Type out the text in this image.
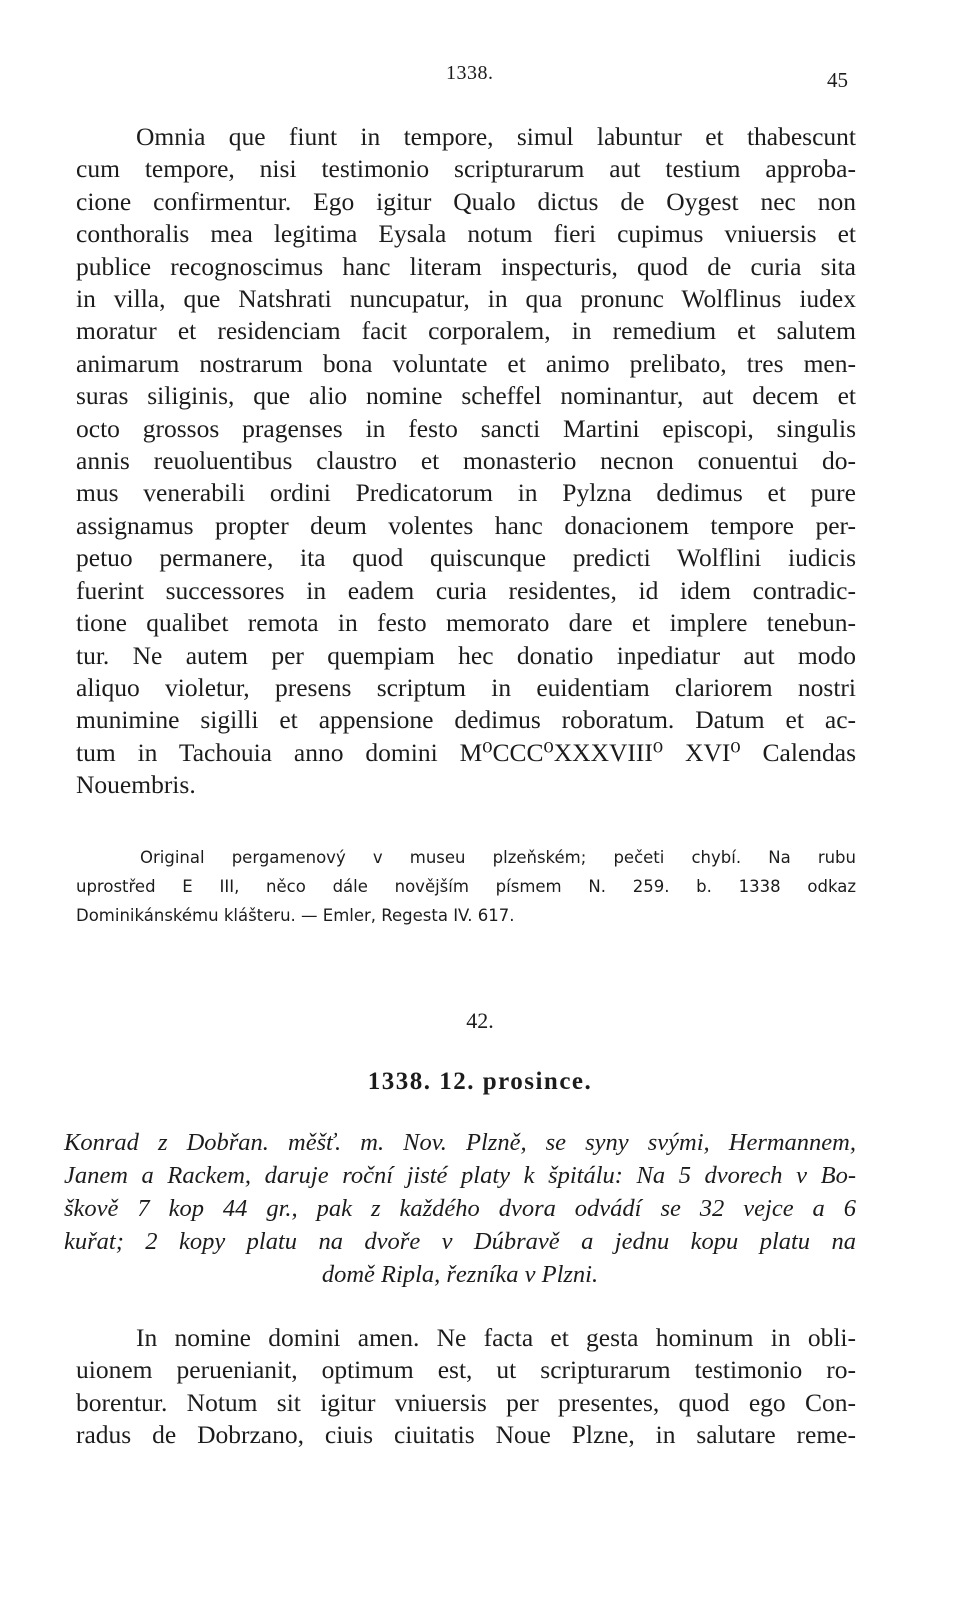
1338.	45
Omnia que fiunt in tempore, simul labuntur et thabescunt
cum tempore, nisi testimonio scripturarum aut testium approba-
cione confirmentur. Ego igitur Qualo dictus de Oygest nec non
conthoralis mea legitima Eysala notum fieri cupimus vniuersis et
publice recognoscimus hanc literam inspecturis, quod de curia sita
in villa, que Natshrati nuncupatur, in qua pronunc Wolflinus iudex
moratur et residenciam facit corporalem, in remedium et salutem
animarum nostrarum bona voluntate et animo prelibato, tres men-
suras siliginis, que alio nomine scheffel nominantur, aut decem et
octo grossos pragenses in festo sancti Martini episcopi, singulis
annis reuoluentibus claustro et monasterio necnon conuentui do-
mus venerabili ordini Predicatorum in Pylzna dedimus et pure
assignamus propter deum volentes hanc donacionem tempore per-
petuo permanere, ita quod quiscunque predicti Wolflini iudicis
fuerint successores in eadem curia residentes, id idem contradic-
tione qualibet remota in festo memorato dare et implere tenebun-
tur. Ne autem per quempiam hec donatio inpediatur aut modo
aliquo violetur, presens scriptum in euidentiam clariorem nostri
munimine sigilli et appensione dedimus roboratum. Datum et ac-
tum in Tachouia anno domini M⁰CCC⁰XXXVIII⁰ XVI⁰ Calendas
Nouembris.
Original pergamenový v museu plzeňském; pečeti chybí. Na rubu
uprostřed E III, něco dále novějším písmem N. 259. b. 1338 odkaz
Dominikánskému klášteru. — Emler, Regesta IV. 617.
42.
1338. 12. prosince.
Konrad z Dobřan. měšť. m. Nov. Plzně, se syny svými, Hermannem,
Janem a Rackem, daruje roční jisté platy k špitálu: Na 5 dvorech v Bo-
škově 7 kop 44 gr., pak z každého dvora odvádí se 32 vejce a 6
kuřat; 2 kopy platu na dvoře v Dúbravě a jednu kopu platu na
domě Ripla, řezníka v Plzni.
In nomine domini amen. Ne facta et gesta hominum in obli-
uionem peruenianit, optimum est, ut scripturarum testimonio ro-
borentur. Notum sit igitur vniuersis per presentes, quod ego Con-
radus de Dobrzano, ciuis ciuitatis Noue Plzne, in salutare reme-
